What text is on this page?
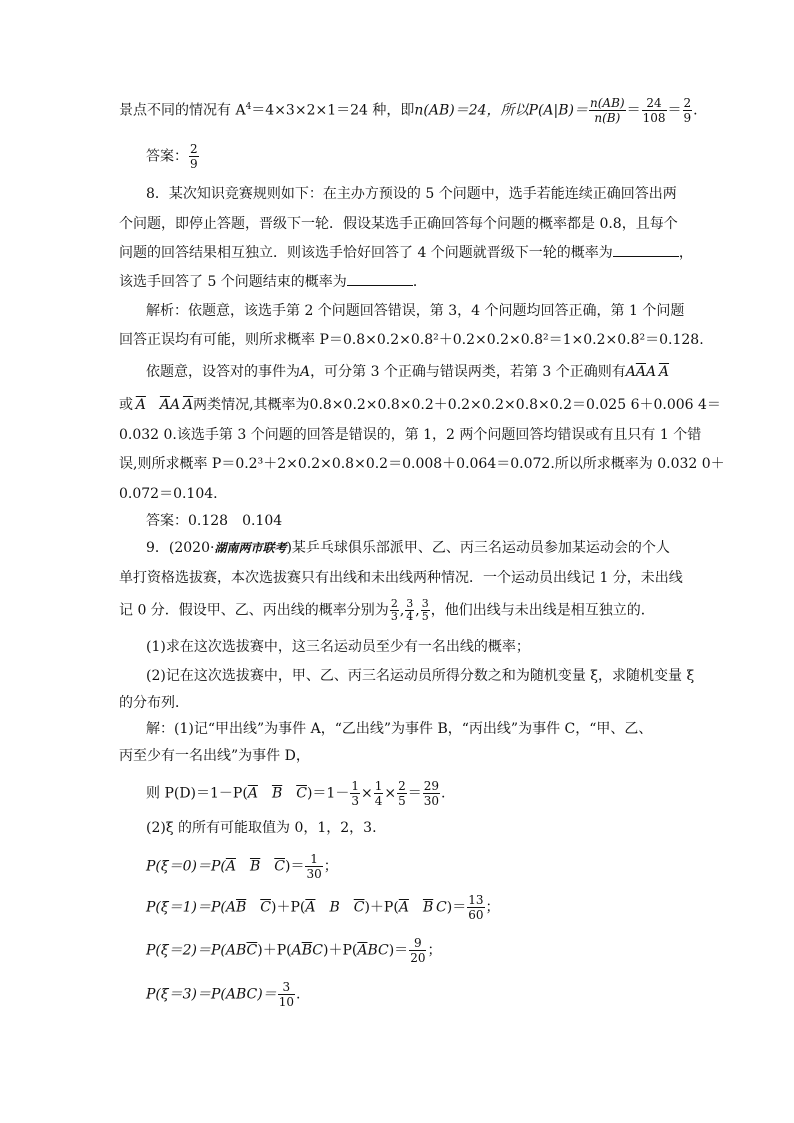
景点不同的情况有 $A^4=4\times 3\times 2\times 1=24$ 种，即n(AB)＝24，所以$P(A|B)= \frac{n(AB)}{n(B)} = \frac{24}{108} = \frac{2}{9}$ .
答案： $\frac{2}{9}$
8．某次知识竞赛规则如下：在主办方预设的 5 个问题中，选手若能连续正确回答出两
个问题，即停止答题，晋级下一轮．假设某选手正确回答每个问题的概率都是 0.8，且每个
问题的回答结果相互独立．则该选手恰好回答了 4 个问题就晋级下一轮的概率为	，
该选手回答了 5 个问题结束的概率为	．
解析：依题意，该选手第 2 个问题回答错误，第 3，4 个问题均回答正确，第 1 个问题
回答正误均有可能，则所求概率 P＝0.8×0.2×0.8²＋0.2×0.2×0.8²＝1×0.2×0.8²＝0.128.
依题意，设答对的事件为A，可分第 3 个正确与错误两类，若第 3 个正确则有$A\overline{A}A$  $\overline{A}$
或  $\overline{A}$  $\overline{A}A$  $\overline{A}$两类情况,其概率为0.8×0.2×0.8×0.2＋0.2×0.2×0.8×0.2＝0.025 6＋0.006 4＝
0.032 0.该选手第 3 个问题的回答是错误的，第 1，2 两个问题回答均错误或有且只有 1 个错
误,则所求概率 P＝0.2³＋2×0.2×0.8×0.2＝0.008＋0.064＝0.072.所以所求概率为 0.032 0＋
0.072＝0.104.
答案：0.128　0.104
9．(2020·湖南两市联考)某乒乓球俱乐部派甲、乙、丙三名运动员参加某运动会的个人
单打资格选拔赛，本次选拔赛只有出线和未出线两种情况．一个运动员出线记 1 分，未出线
记 0 分．假设甲、乙、丙出线的概率分别为 $\frac{2}{3}$ , $\frac{3}{4}$ , $\frac{3}{5}$ ，他们出线与未出线是相互独立的．
(1)求在这次选拔赛中，这三名运动员至少有一名出线的概率；
(2)记在这次选拔赛中，甲、乙、丙三名运动员所得分数之和为随机变量 ξ，求随机变量 ξ
的分布列．
解：(1)记“甲出线”为事件 A，“乙出线”为事件 B，“丙出线”为事件 C，“甲、乙、
丙至少有一名出线”为事件 D，
则 $P(D)=1-P(\overline{A}$  $\overline{B}$  $\overline{C})=1- \frac{1}{3} \times \frac{1}{4} \times \frac{2}{5} = \frac{29}{30}$ .
(2)ξ 的所有可能取值为 0，1，2，3.
$P(\xi=0)=P(\overline{A}$  $\overline{B}$  $\overline{C})= \frac{1}{30}$ ；
$P(\xi=1)=P(A\overline{B}$  $\overline{C})+P(\overline{A}$  B  $\overline{C})+P(\overline{A}$  $\overline{B}$  $C)= \frac{13}{60}$ ；
$P(\xi=2)=P(AB\overline{C})+P(A\overline{B}C)+P(\overline{A}BC)= \frac{9}{20}$ ；
$P(\xi=3)=P(ABC)= \frac{3}{10}$ .
